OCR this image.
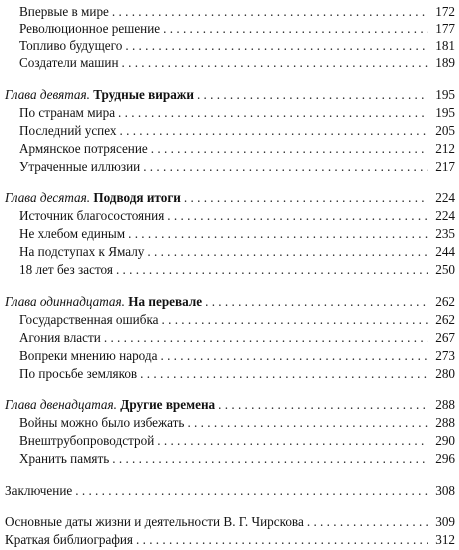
Впервые в мире . . .	172
Революционное решение . . .	177
Топливо будущего . . .	181
Создатели машин . . .	189
Глава девятая. Трудные виражи . . .	195
По странам мира . . .	195
Последний успех . . .	205
Армянское потрясение . . .	212
Утраченные иллюзии . . .	217
Глава десятая. Подводя итоги . . .	224
Источник благосостояния . . .	224
Не хлебом единым . . .	235
На подступах к Ямалу . . .	244
18 лет без застоя . . .	250
Глава одиннадцатая. На перевале . . .	262
Государственная ошибка . . .	262
Агония власти . . .	267
Вопреки мнению народа . . .	273
По просьбе земляков . . .	280
Глава двенадцатая. Другие времена . . .	288
Войны можно было избежать . . .	288
Внештрубопроводстрой . . .	290
Хранить память . . .	296
Заключение . . .	308
Основные даты жизни и деятельности В. Г. Чирскова . . .	309
Краткая библиография . . .	312
